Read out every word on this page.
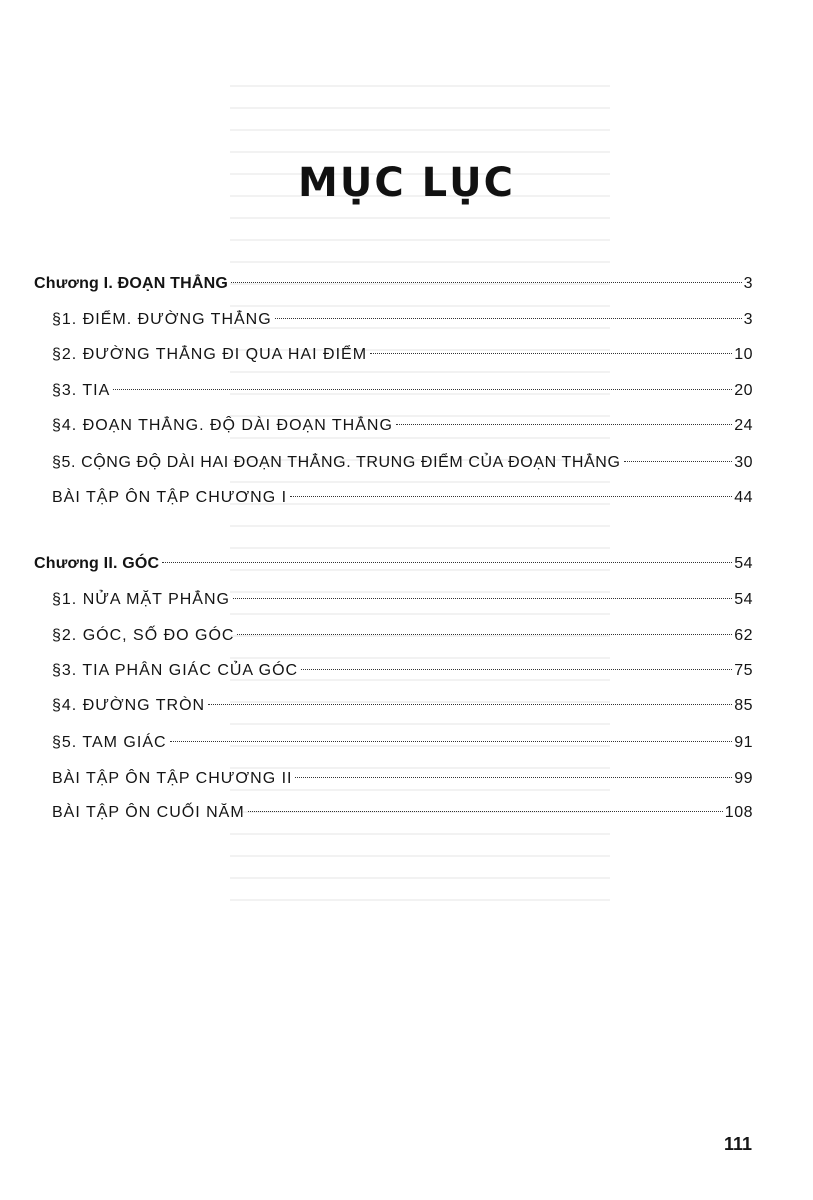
MỤC LỤC
Chương I. ĐOẠN THẲNG	3
§1. ĐIỂM. ĐƯỜNG THẲNG	3
§2. ĐƯỜNG THẲNG ĐI QUA HAI ĐIỂM	10
§3. TIA	20
§4. ĐOẠN THẲNG. ĐỘ DÀI ĐOẠN THẲNG	24
§5. CỘNG ĐỘ DÀI HAI ĐOẠN THẲNG. TRUNG ĐIỂM CỦA ĐOẠN THẲNG	30
BÀI TẬP ÔN TẬP CHƯƠNG I	44
Chương II. GÓC	54
§1. NỬA MẶT PHẲNG	54
§2. GÓC, SỐ ĐO GÓC	62
§3. TIA PHÂN GIÁC CỦA GÓC	75
§4. ĐƯỜNG TRÒN	85
§5. TAM GIÁC	91
BÀI TẬP ÔN TẬP CHƯƠNG II	99
BÀI TẬP ÔN CUỐI NĂM	108
111
